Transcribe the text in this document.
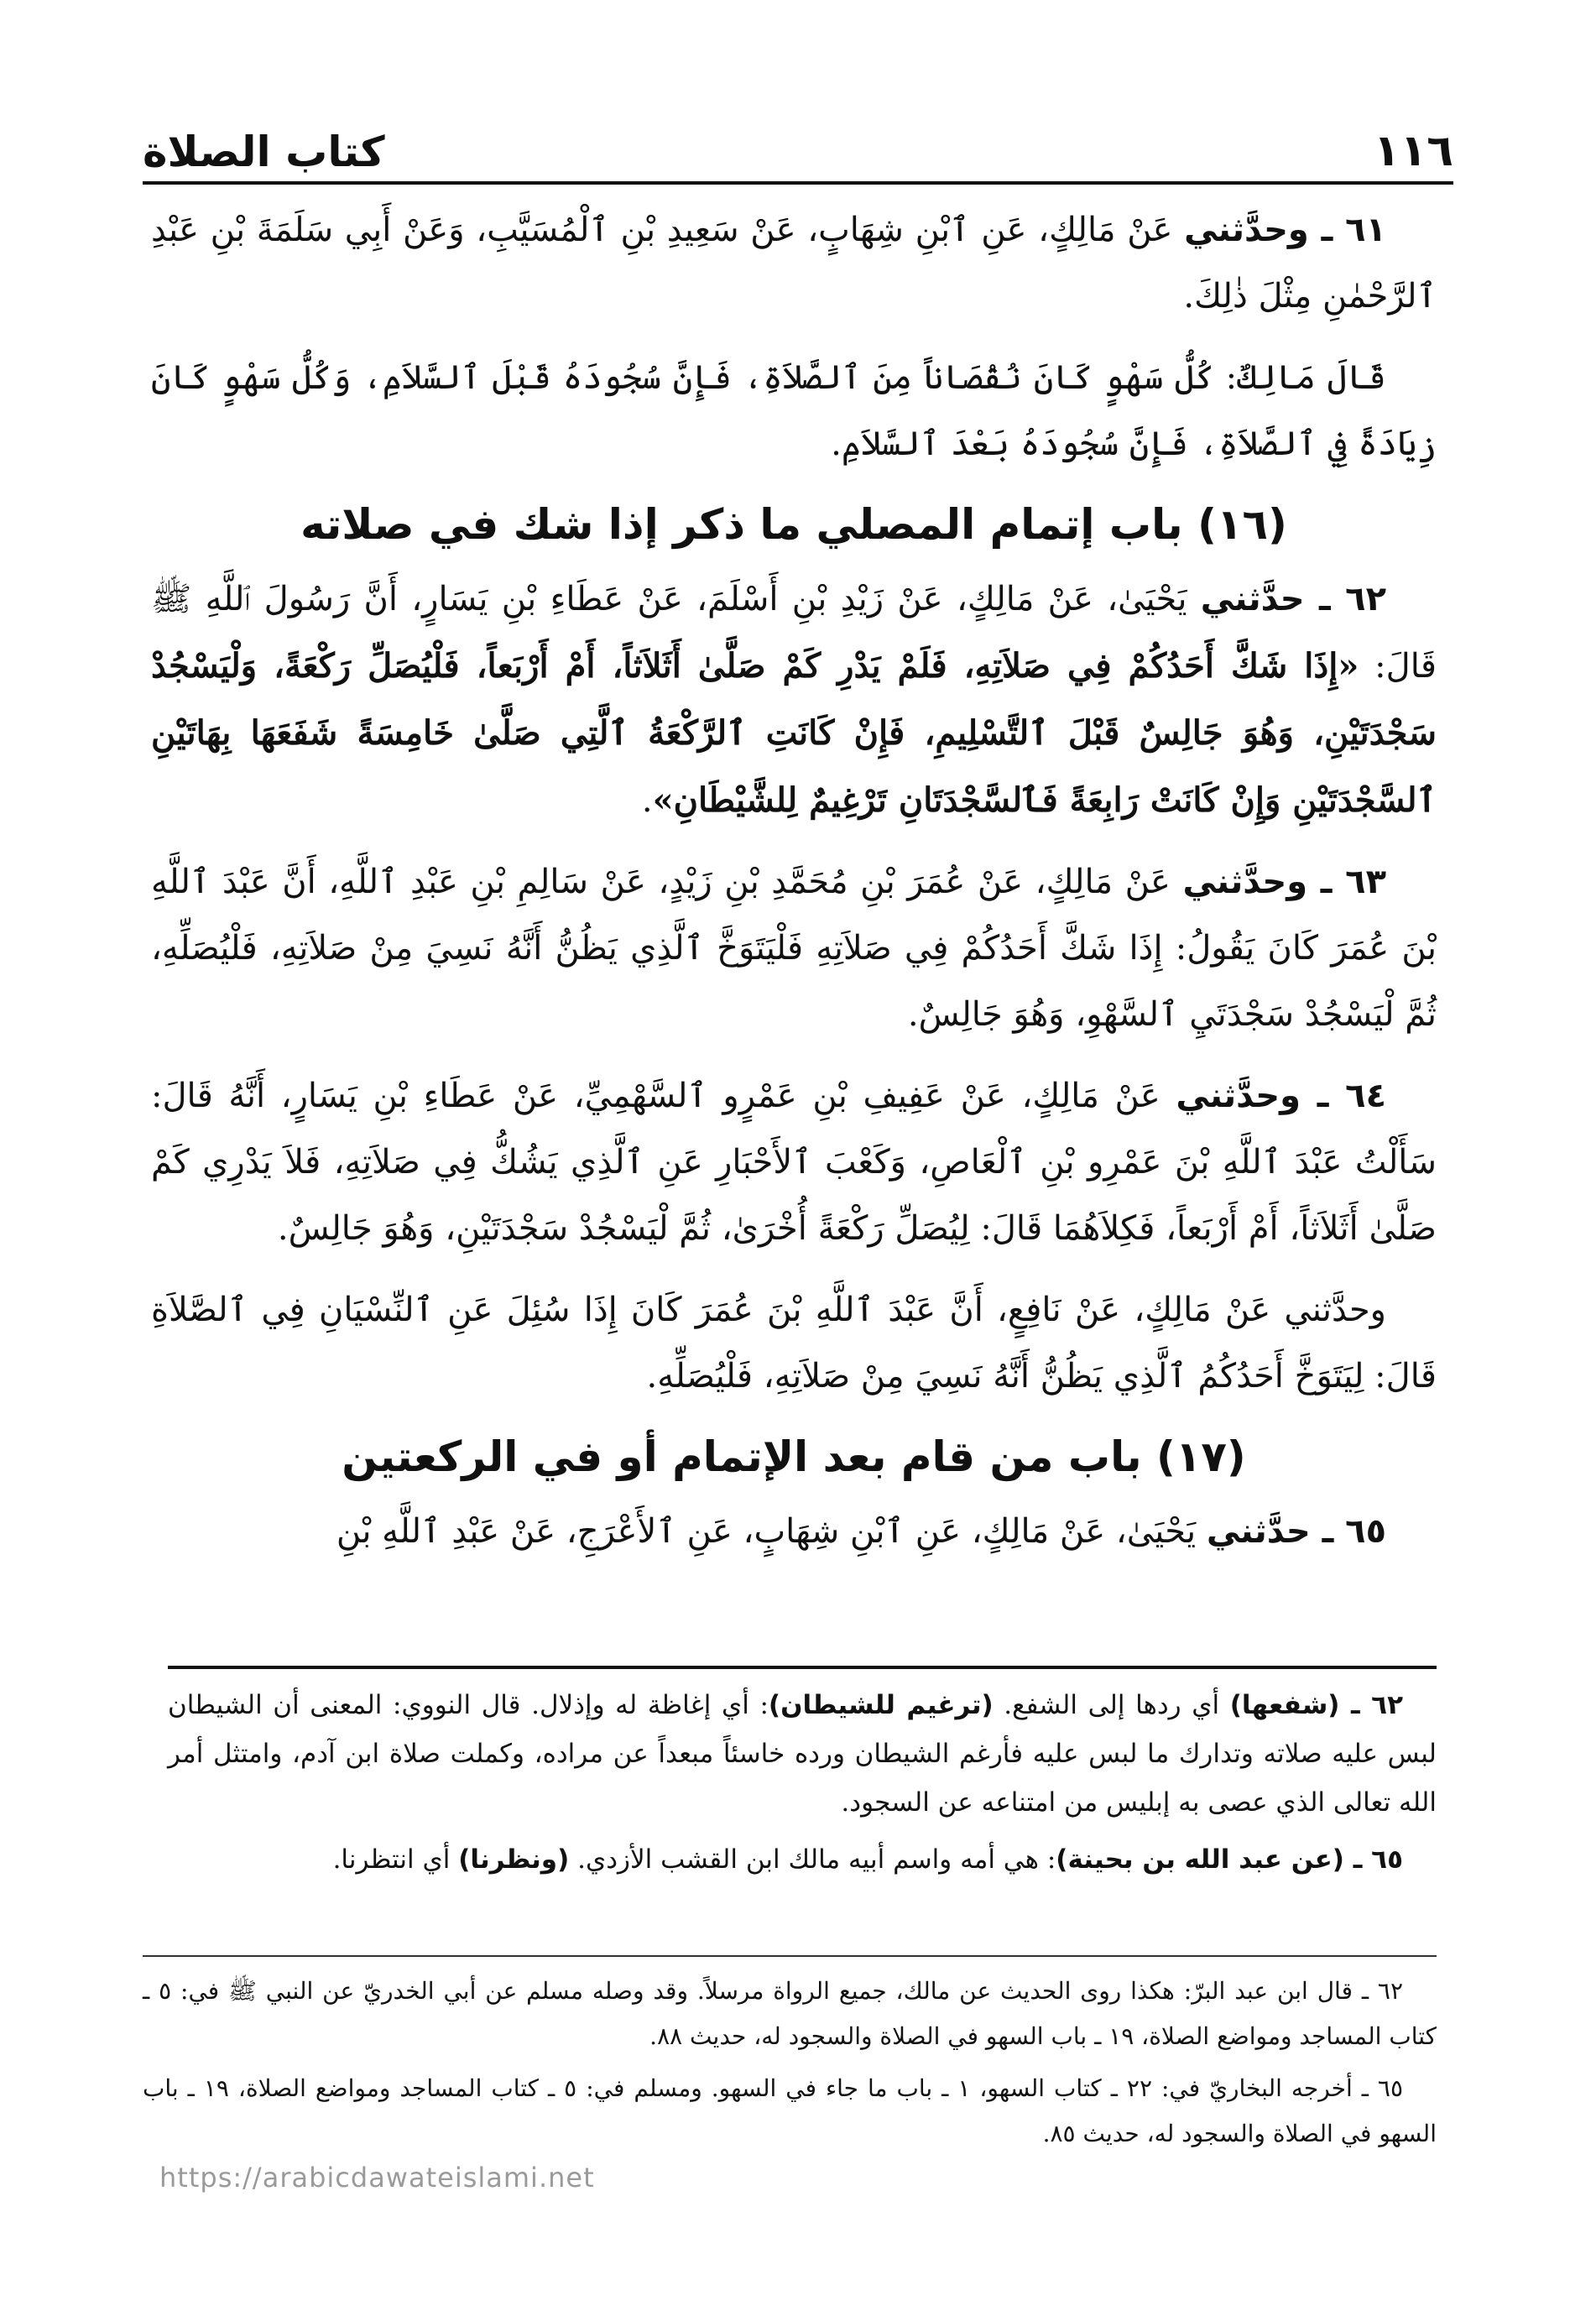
١١٦
كتاب الصلاة

٦١ ـ وحدَّثني عَنْ مَالِكٍ، عَنِ ٱبْنِ شِهَابٍ، عَنْ سَعِيدِ بْنِ ٱلْمُسَيَّبِ، وَعَنْ أَبِي سَلَمَةَ بْنِ عَبْدِ ٱلرَّحْمٰنِ مِثْلَ ذٰلِكَ.

قَالَ مَالِكٌ: كُلُّ سَهْوٍ كَانَ نُقْصَاناً مِنَ ٱلصَّلاَةِ، فَإِنَّ سُجُودَهُ قَبْلَ ٱلسَّلاَمِ، وَكُلُّ سَهْوٍ كَانَ زِيَادَةً فِي ٱلصَّلاَةِ، فَإِنَّ سُجُودَهُ بَعْدَ ٱلسَّلاَمِ.

(١٦) باب إتمام المصلي ما ذكر إذا شك في صلاته

٦٢ ـ حدَّثني يَحْيَىٰ، عَنْ مَالِكٍ، عَنْ زَيْدِ بْنِ أَسْلَمَ، عَنْ عَطَاءِ بْنِ يَسَارٍ، أَنَّ رَسُولَ ٱللَّهِ ﷺ قَالَ: «إِذَا شَكَّ أَحَدُكُمْ فِي صَلاَتِهِ، فَلَمْ يَدْرِ كَمْ صَلَّىٰ أَثَلاَثاً، أَمْ أَرْبَعاً، فَلْيُصَلِّ رَكْعَةً، وَلْيَسْجُدْ سَجْدَتَيْنِ، وَهُوَ جَالِسٌ قَبْلَ ٱلتَّسْلِيمِ، فَإِنْ كَانَتِ ٱلرَّكْعَةُ ٱلَّتِي صَلَّىٰ خَامِسَةً شَفَعَهَا بِهَاتَيْنِ ٱلسَّجْدَتَيْنِ وَإِنْ كَانَتْ رَابِعَةً فَٱلسَّجْدَتَانِ تَرْغِيمٌ لِلشَّيْطَانِ».

٦٣ ـ وحدَّثني عَنْ مَالِكٍ، عَنْ عُمَرَ بْنِ مُحَمَّدِ بْنِ زَيْدٍ، عَنْ سَالِمِ بْنِ عَبْدِ ٱللَّهِ، أَنَّ عَبْدَ ٱللَّهِ بْنَ عُمَرَ كَانَ يَقُولُ: إِذَا شَكَّ أَحَدُكُمْ فِي صَلاَتِهِ فَلْيَتَوَخَّ ٱلَّذِي يَظُنُّ أَنَّهُ نَسِيَ مِنْ صَلاَتِهِ، فَلْيُصَلِّهِ، ثُمَّ لْيَسْجُدْ سَجْدَتَيِ ٱلسَّهْوِ، وَهُوَ جَالِسٌ.

٦٤ ـ وحدَّثني عَنْ مَالِكٍ، عَنْ عَفِيفِ بْنِ عَمْرٍو ٱلسَّهْمِيِّ، عَنْ عَطَاءِ بْنِ يَسَارٍ، أَنَّهُ قَالَ: سَأَلْتُ عَبْدَ ٱللَّهِ بْنَ عَمْرِو بْنِ ٱلْعَاصِ، وَكَعْبَ ٱلأَحْبَارِ عَنِ ٱلَّذِي يَشُكُّ فِي صَلاَتِهِ، فَلاَ يَدْرِي كَمْ صَلَّىٰ أَثَلاَثاً، أَمْ أَرْبَعاً، فَكِلاَهُمَا قَالَ: لِيُصَلِّ رَكْعَةً أُخْرَىٰ، ثُمَّ لْيَسْجُدْ سَجْدَتَيْنِ، وَهُوَ جَالِسٌ.

وحدَّثني عَنْ مَالِكٍ، عَنْ نَافِعٍ، أَنَّ عَبْدَ ٱللَّهِ بْنَ عُمَرَ كَانَ إِذَا سُئِلَ عَنِ ٱلنِّسْيَانِ فِي ٱلصَّلاَةِ قَالَ: لِيَتَوَخَّ أَحَدُكُمُ ٱلَّذِي يَظُنُّ أَنَّهُ نَسِيَ مِنْ صَلاَتِهِ، فَلْيُصَلِّهِ.

(١٧) باب من قام بعد الإتمام أو في الركعتين

٦٥ ـ حدَّثني يَحْيَىٰ، عَنْ مَالِكٍ، عَنِ ٱبْنِ شِهَابٍ، عَنِ ٱلأَعْرَجِ، عَنْ عَبْدِ ٱللَّهِ بْنِ

٦٢ ـ (شفعها) أي ردها إلى الشفع. (ترغيم للشيطان): أي إغاظة له وإذلال. قال النووي: المعنى أن الشيطان لبس عليه صلاته وتدارك ما لبس عليه فأرغم الشيطان ورده خاسئاً مبعداً عن مراده، وكملت صلاة ابن آدم، وامتثل أمر الله تعالى الذي عصى به إبليس من امتناعه عن السجود.

٦٥ ـ (عن عبد الله بن بحينة): هي أمه واسم أبيه مالك ابن القشب الأزدي. (ونظرنا) أي انتظرنا.

٦٢ ـ قال ابن عبد البرّ: هكذا روى الحديث عن مالك، جميع الرواة مرسلاً. وقد وصله مسلم عن أبي الخدريّ عن النبي ﷺ في: ٥ ـ كتاب المساجد ومواضع الصلاة، ١٩ ـ باب السهو في الصلاة والسجود له، حديث ٨٨.

٦٥ ـ أخرجه البخاريّ في: ٢٢ ـ كتاب السهو، ١ ـ باب ما جاء في السهو. ومسلم في: ٥ ـ كتاب المساجد ومواضع الصلاة، ١٩ ـ باب السهو في الصلاة والسجود له، حديث ٨٥.

https://arabicdawateislami.net
